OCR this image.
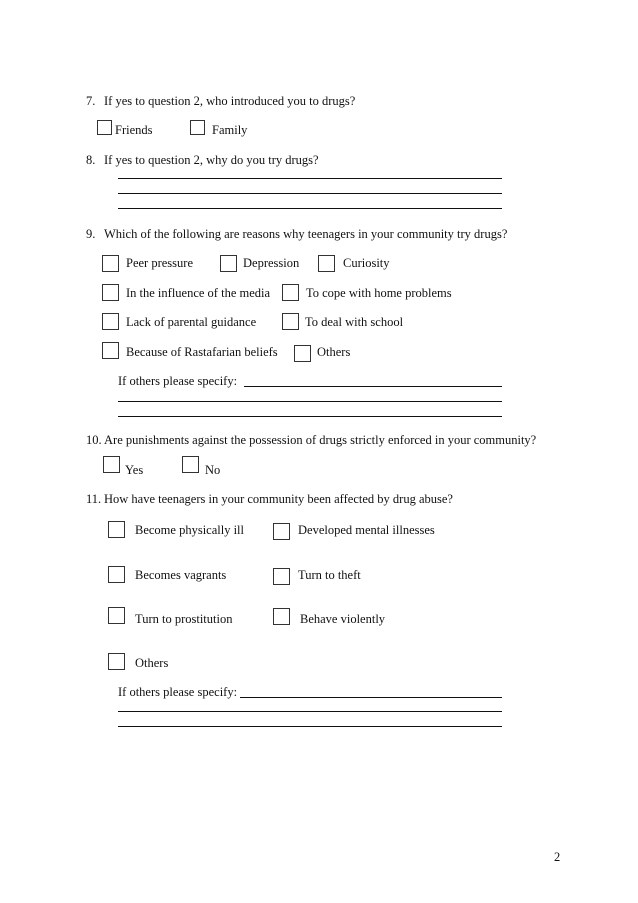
7. If yes to question 2, who introduced you to drugs?
Friends	Family
8. If yes to question 2, why do you try drugs?
9. Which of the following are reasons why teenagers in your community try drugs?
Peer pressure	Depression	Curiosity
In the influence of the media	To cope with home problems
Lack of parental guidance	To deal with school
Because of Rastafarian beliefs	Others
If others please specify:
10. Are punishments against the possession of drugs strictly enforced in your community?
Yes	No
11. How have teenagers in your community been affected by drug abuse?
Become physically ill	Developed mental illnesses
Becomes vagrants	Turn to theft
Turn to prostitution	Behave violently
Others
If others please specify:
2
